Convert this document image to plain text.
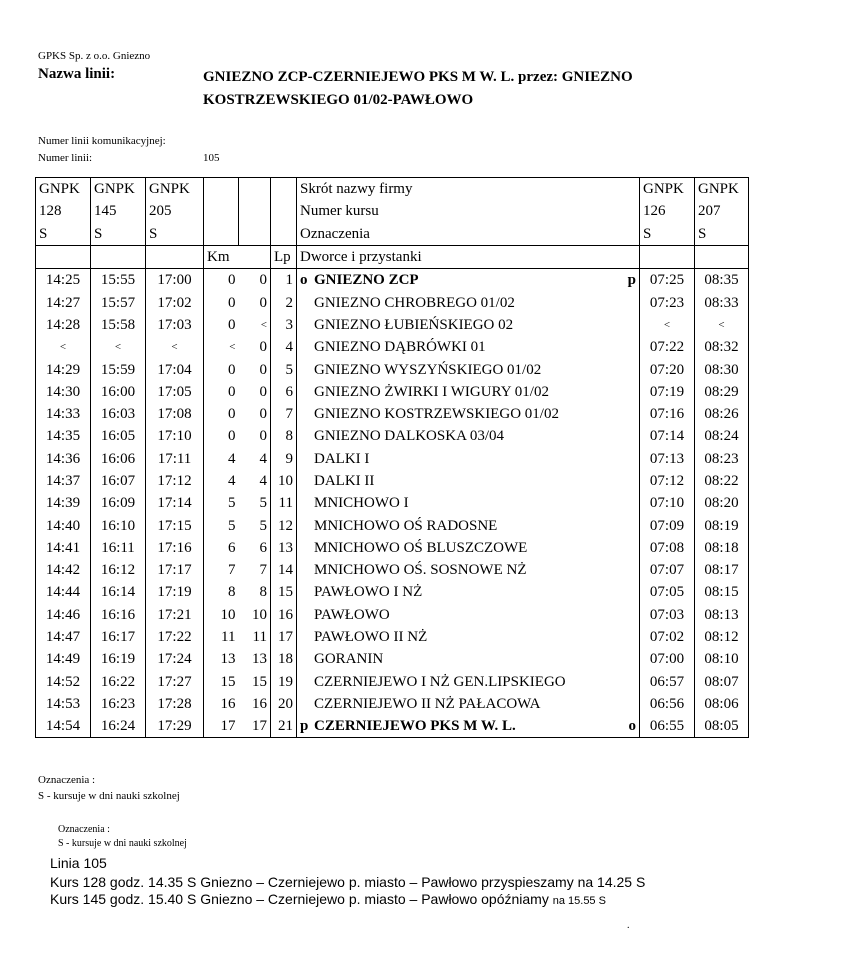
GPKS Sp. z o.o. Gniezno
Nazwa linii:	GNIEZNO ZCP-CZERNIEJEWO PKS M W. L. przez: GNIEZNO
KOSTRZEWSKIEGO 01/02-PAWŁOWO
Numer linii komunikacyjnej:
Numer linii:	105
GNPK	GNPK	GNPK				Skrót nazwy firmy	GNPK	GNPK
128	145	205				Numer kursu	126	207
S	S	S				Oznaczenia	S	S
			Km		Lp	Dworce i przystanki		
14:25	15:55	17:00	0	0	1	o GNIEZNO ZCP p	07:25	08:35
14:27	15:57	17:02	0	0	2	GNIEZNO CHROBREGO 01/02	07:23	08:33
14:28	15:58	17:03	0	<	3	GNIEZNO ŁUBIEŃSKIEGO 02	<	<
<	<	<	<	0	4	GNIEZNO DĄBRÓWKI 01	07:22	08:32
14:29	15:59	17:04	0	0	5	GNIEZNO WYSZYŃSKIEGO 01/02	07:20	08:30
14:30	16:00	17:05	0	0	6	GNIEZNO ŻWIRKI I WIGURY 01/02	07:19	08:29
14:33	16:03	17:08	0	0	7	GNIEZNO KOSTRZEWSKIEGO 01/02	07:16	08:26
14:35	16:05	17:10	0	0	8	GNIEZNO DALKOSKA 03/04	07:14	08:24
14:36	16:06	17:11	4	4	9	DALKI I	07:13	08:23
14:37	16:07	17:12	4	4	10	DALKI II	07:12	08:22
14:39	16:09	17:14	5	5	11	MNICHOWO I	07:10	08:20
14:40	16:10	17:15	5	5	12	MNICHOWO OŚ RADOSNE	07:09	08:19
14:41	16:11	17:16	6	6	13	MNICHOWO OŚ BLUSZCZOWE	07:08	08:18
14:42	16:12	17:17	7	7	14	MNICHOWO OŚ. SOSNOWE NŻ	07:07	08:17
14:44	16:14	17:19	8	8	15	PAWŁOWO I NŻ	07:05	08:15
14:46	16:16	17:21	10	10	16	PAWŁOWO	07:03	08:13
14:47	16:17	17:22	11	11	17	PAWŁOWO II NŻ	07:02	08:12
14:49	16:19	17:24	13	13	18	GORANIN	07:00	08:10
14:52	16:22	17:27	15	15	19	CZERNIEJEWO I NŻ GEN.LIPSKIEGO	06:57	08:07
14:53	16:23	17:28	16	16	20	CZERNIEJEWO II NŻ PAŁACOWA	06:56	08:06
14:54	16:24	17:29	17	17	21	p CZERNIEJEWO PKS M W. L. o	06:55	08:05
Oznaczenia :
S - kursuje w dni nauki szkolnej
Oznaczenia :
S - kursuje w dni nauki szkolnej
Linia 105
Kurs 128 godz. 14.35 S Gniezno – Czerniejewo p. miasto – Pawłowo przyspieszamy na 14.25 S
Kurs 145 godz. 15.40 S Gniezno – Czerniejewo p. miasto – Pawłowo opóźniamy na 15.55 S
.
